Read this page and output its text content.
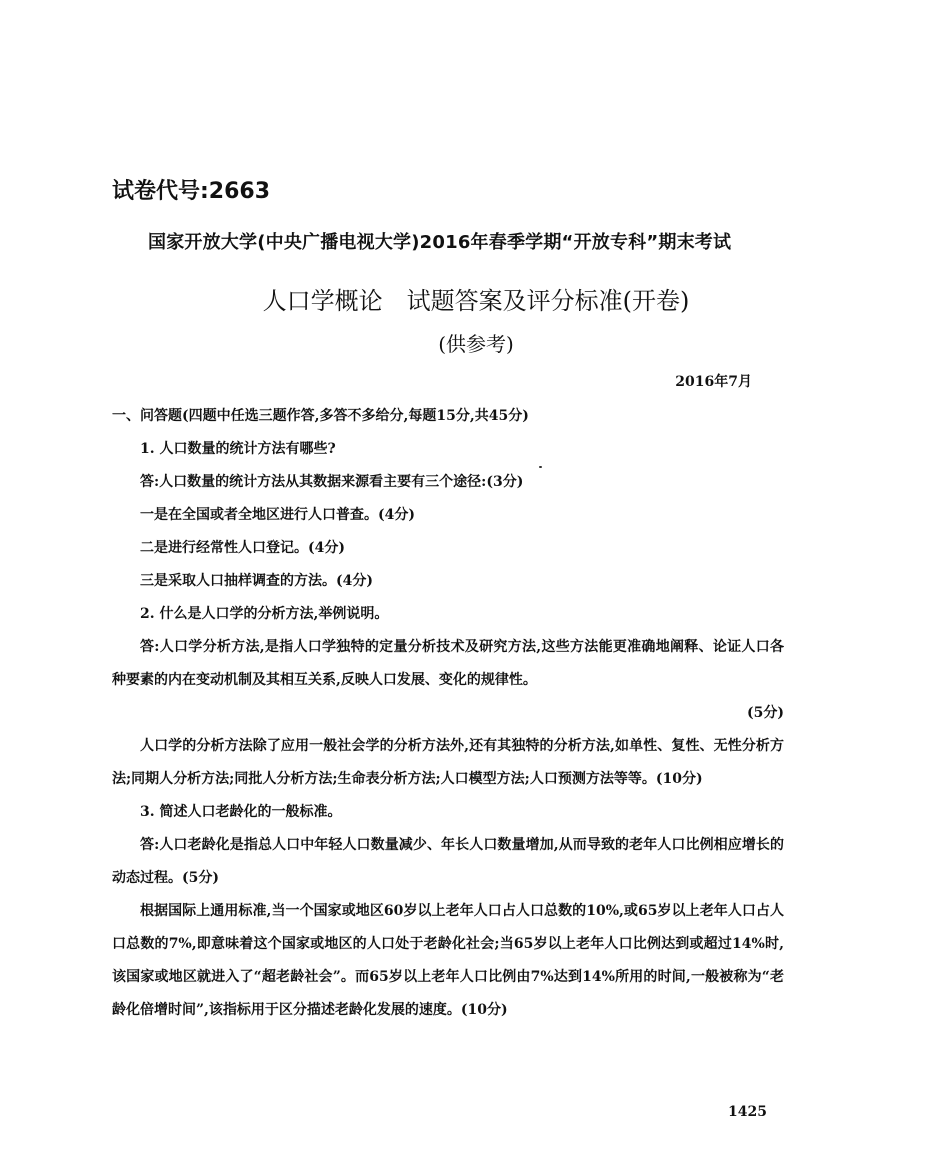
试卷代号:2663
国家开放大学(中央广播电视大学)2016年春季学期“开放专科”期末考试
人口学概论　试题答案及评分标准(开卷)
(供参考)
2016年7月

一、问答题(四题中任选三题作答,多答不多给分,每题15分,共45分)

1. 人口数量的统计方法有哪些?

答:人口数量的统计方法从其数据来源看主要有三个途径:(3分)

一是在全国或者全地区进行人口普查。(4分)

二是进行经常性人口登记。(4分)

三是采取人口抽样调查的方法。(4分)

2. 什么是人口学的分析方法,举例说明。

答:人口学分析方法,是指人口学独特的定量分析技术及研究方法,这些方法能更准确地阐释、论证人口各种要素的内在变动机制及其相互关系,反映人口发展、变化的规律性。

(5分)

人口学的分析方法除了应用一般社会学的分析方法外,还有其独特的分析方法,如单性、复性、无性分析方法;同期人分析方法;同批人分析方法;生命表分析方法;人口模型方法;人口预测方法等等。(10分)

3. 简述人口老龄化的一般标准。

答:人口老龄化是指总人口中年轻人口数量减少、年长人口数量增加,从而导致的老年人口比例相应增长的动态过程。(5分)

根据国际上通用标准,当一个国家或地区60岁以上老年人口占人口总数的10%,或65岁以上老年人口占人口总数的7%,即意味着这个国家或地区的人口处于老龄化社会;当65岁以上老年人口比例达到或超过14%时,该国家或地区就进入了“超老龄社会”。而65岁以上老年人口比例由7%达到14%所用的时间,一般被称为“老龄化倍增时间”,该指标用于区分描述老龄化发展的速度。(10分)

1425
